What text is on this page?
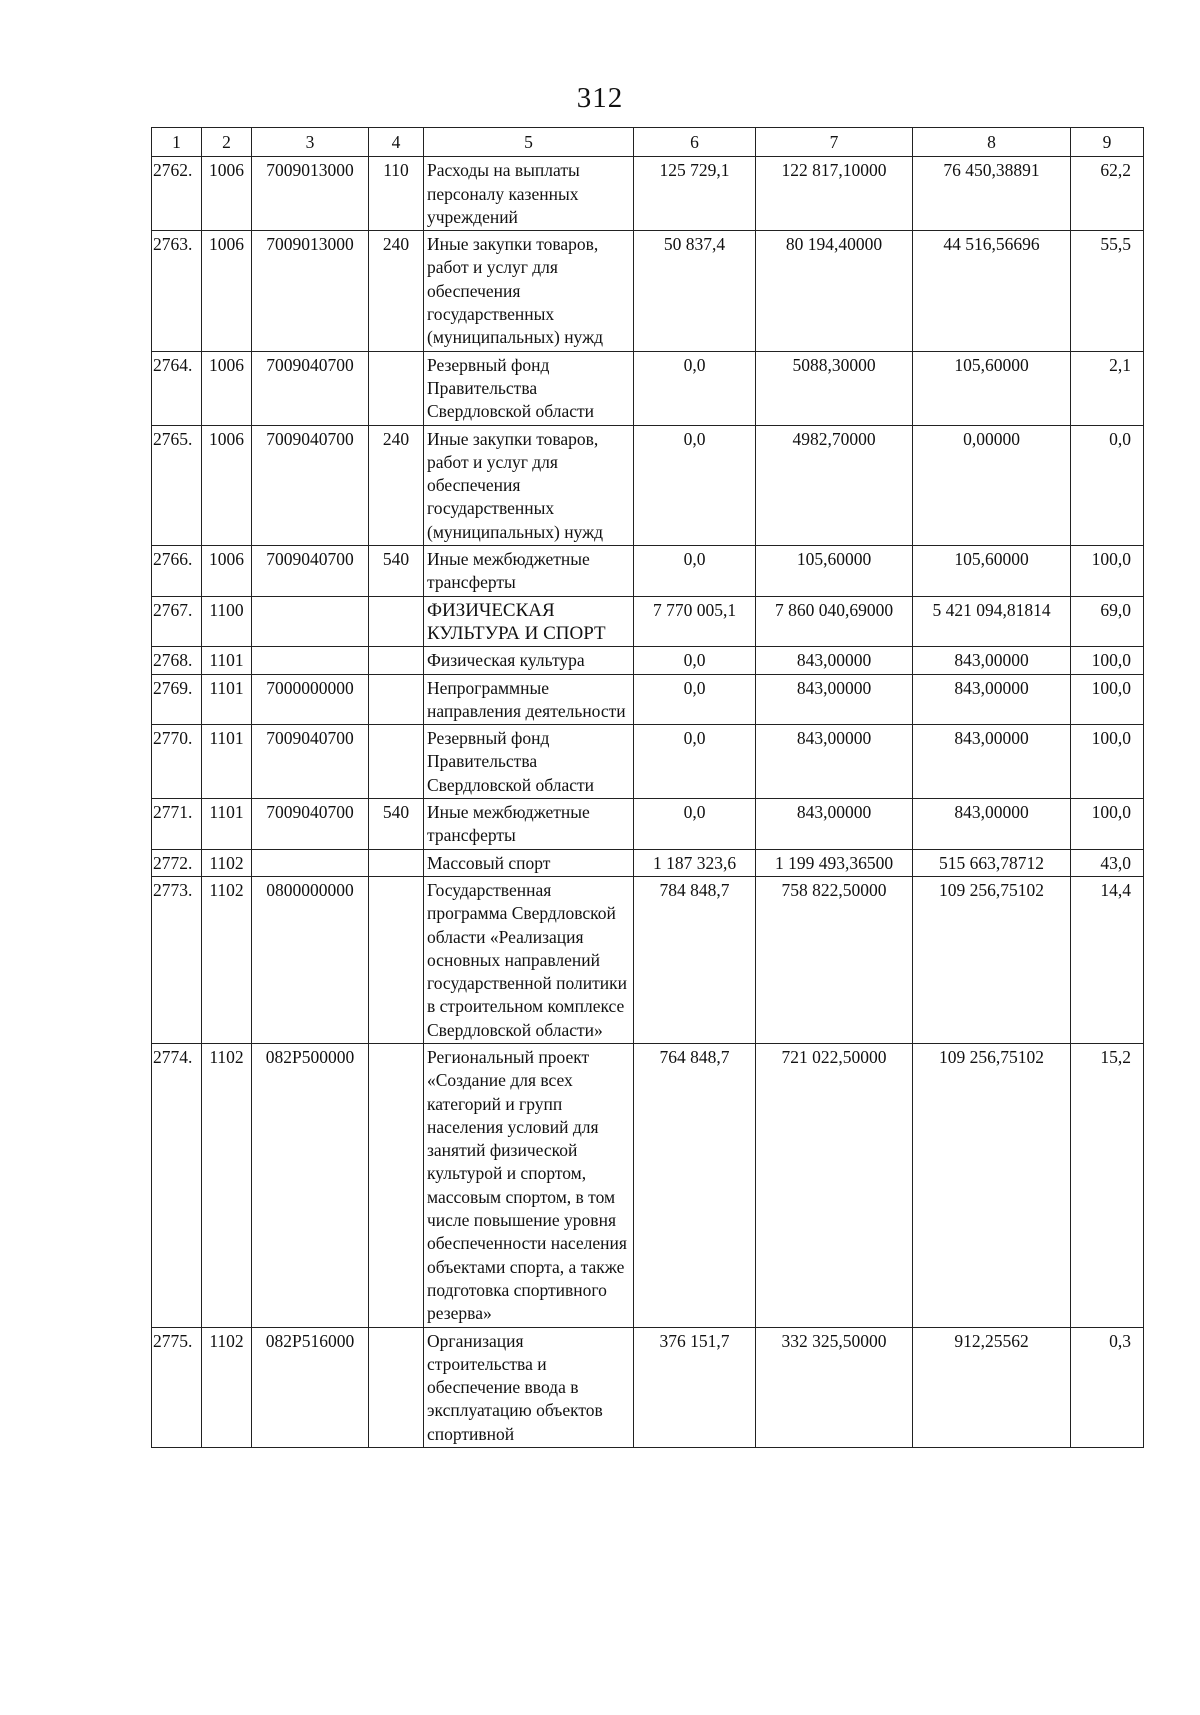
312
1	2	3	4	5	6	7	8	9
2762.	1006	7009013000	110	Расходы на выплаты персоналу казенных учреждений	125 729,1	122 817,10000	76 450,38891	62,2
2763.	1006	7009013000	240	Иные закупки товаров, работ и услуг для обеспечения государственных (муниципальных) нужд	50 837,4	80 194,40000	44 516,56696	55,5
2764.	1006	7009040700		Резервный фонд Правительства Свердловской области	0,0	5088,30000	105,60000	2,1
2765.	1006	7009040700	240	Иные закупки товаров, работ и услуг для обеспечения государственных (муниципальных) нужд	0,0	4982,70000	0,00000	0,0
2766.	1006	7009040700	540	Иные межбюджетные трансферты	0,0	105,60000	105,60000	100,0
2767.	1100			ФИЗИЧЕСКАЯ КУЛЬТУРА И СПОРТ	7 770 005,1	7 860 040,69000	5 421 094,81814	69,0
2768.	1101			Физическая культура	0,0	843,00000	843,00000	100,0
2769.	1101	7000000000		Непрограммные направления деятельности	0,0	843,00000	843,00000	100,0
2770.	1101	7009040700		Резервный фонд Правительства Свердловской области	0,0	843,00000	843,00000	100,0
2771.	1101	7009040700	540	Иные межбюджетные трансферты	0,0	843,00000	843,00000	100,0
2772.	1102			Массовый спорт	1 187 323,6	1 199 493,36500	515 663,78712	43,0
2773.	1102	0800000000		Государственная программа Свердловской области «Реализация основных направлений государственной политики в строительном комплексе Свердловской области»	784 848,7	758 822,50000	109 256,75102	14,4
2774.	1102	082Р500000		Региональный проект «Создание для всех категорий и групп населения условий для занятий физической культурой и спортом, массовым спортом, в том числе повышение уровня обеспеченности населения объектами спорта, а также подготовка спортивного резерва»	764 848,7	721 022,50000	109 256,75102	15,2
2775.	1102	082Р516000		Организация строительства и обеспечение ввода в эксплуатацию объектов спортивной	376 151,7	332 325,50000	912,25562	0,3
